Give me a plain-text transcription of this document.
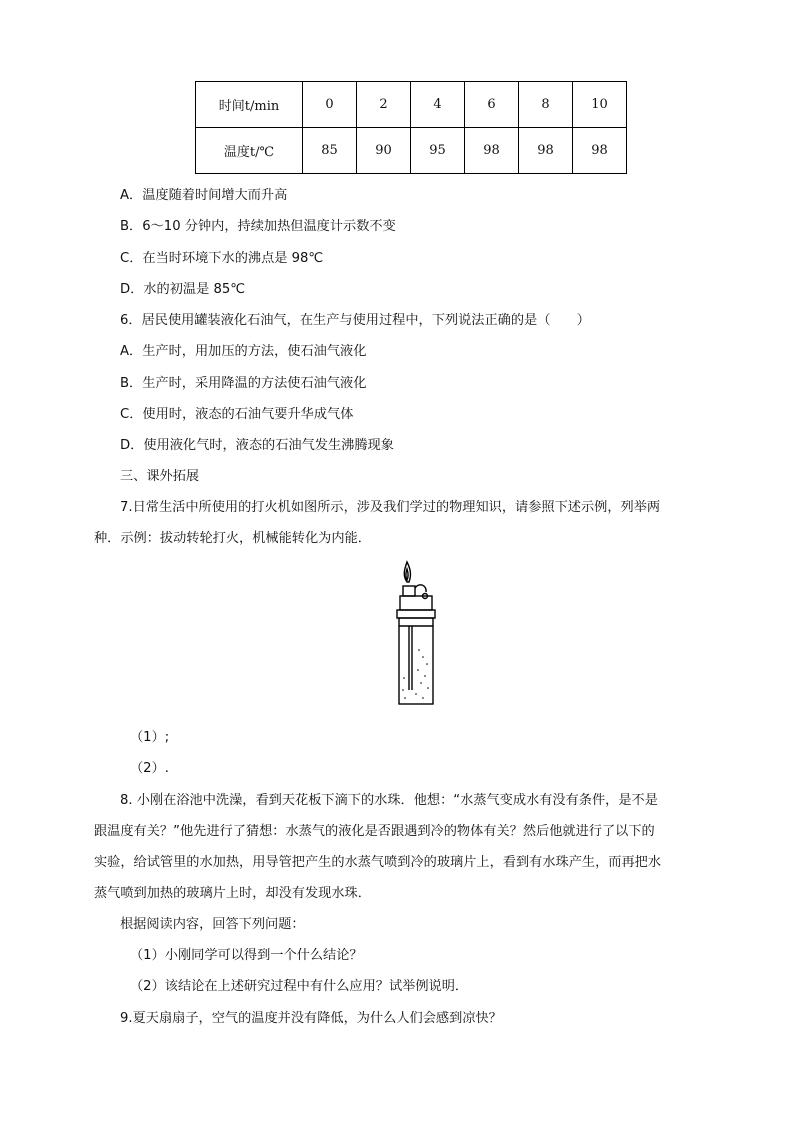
时间t/min	0	2	4	6	8	10
温度t/℃	85	90	95	98	98	98
A．温度随着时间增大而升高
B．6～10 分钟内，持续加热但温度计示数不变
C．在当时环境下水的沸点是 98℃
D．水的初温是 85℃
6．居民使用罐装液化石油气，在生产与使用过程中，下列说法正确的是（　　）
A．生产时，用加压的方法，使石油气液化
B．生产时，采用降温的方法使石油气液化
C．使用时，液态的石油气要升华成气体
D．使用液化气时，液态的石油气发生沸腾现象
三、课外拓展
7.日常生活中所使用的打火机如图所示，涉及我们学过的物理知识，请参照下述示例，列举两
种．示例：拔动转轮打火，机械能转化为内能．
（1）;
（2）.
8. 小刚在浴池中洗澡，看到天花板下滴下的水珠．他想：“水蒸气变成水有没有条件，是不是
跟温度有关？”他先进行了猜想：水蒸气的液化是否跟遇到冷的物体有关？然后他就进行了以下的
实验，给试管里的水加热，用导管把产生的水蒸气喷到冷的玻璃片上，看到有水珠产生，而再把水
蒸气喷到加热的玻璃片上时，却没有发现水珠．
根据阅读内容，回答下列问题：
（1）小刚同学可以得到一个什么结论？
（2）该结论在上述研究过程中有什么应用？试举例说明．
9.夏天扇扇子，空气的温度并没有降低，为什么人们会感到凉快？
